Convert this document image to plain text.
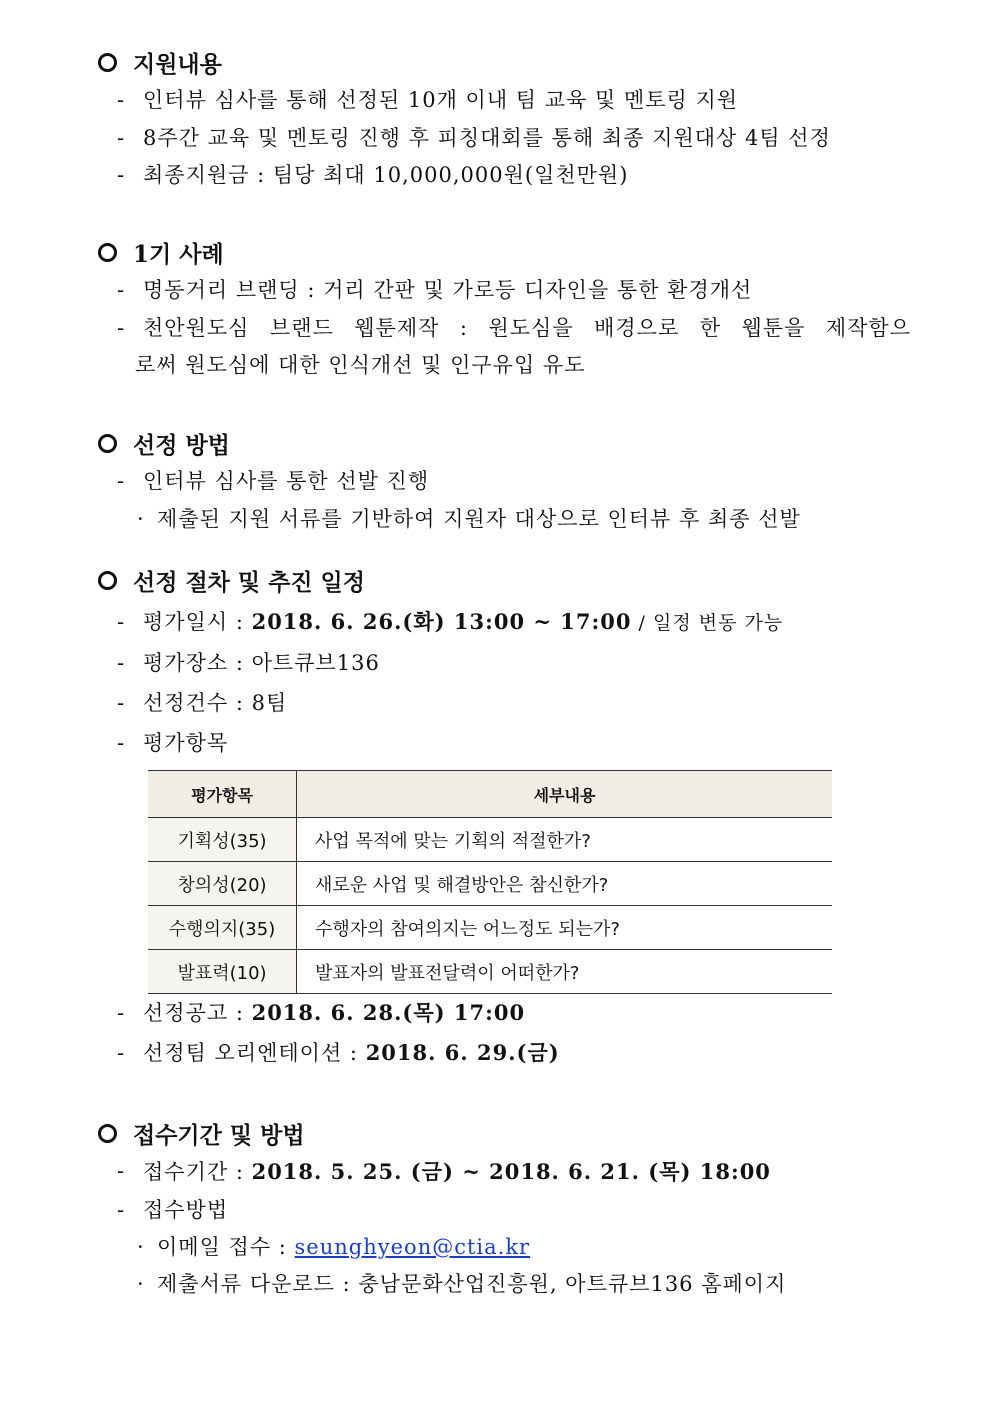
지원내용
- 인터뷰 심사를 통해 선정된 10개 이내 팀 교육 및 멘토링 지원
- 8주간 교육 및 멘토링 진행 후 피칭대회를 통해 최종 지원대상 4팀 선정
- 최종지원금 : 팀당 최대 10,000,000원(일천만원)
1기 사례
- 명동거리 브랜딩 : 거리 간판 및 가로등 디자인을 통한 환경개선
- 천안원도심 브랜드 웹툰제작 : 원도심을 배경으로 한 웹툰을 제작함으
로써 원도심에 대한 인식개선 및 인구유입 유도
선정 방법
- 인터뷰 심사를 통한 선발 진행
· 제출된 지원 서류를 기반하여 지원자 대상으로 인터뷰 후 최종 선발
선정 절차 및 추진 일정
- 평가일시 : 2018. 6. 26.(화) 13:00 ~ 17:00 / 일정 변동 가능
- 평가장소 : 아트큐브136
- 선정건수 : 8팀
- 평가항목
평가항목	세부내용
기획성(35)	사업 목적에 맞는 기획의 적절한가?
창의성(20)	새로운 사업 및 해결방안은 참신한가?
수행의지(35)	수행자의 참여의지는 어느정도 되는가?
발표력(10)	발표자의 발표전달력이 어떠한가?
- 선정공고 : 2018. 6. 28.(목) 17:00
- 선정팀 오리엔테이션 : 2018. 6. 29.(금)
접수기간 및 방법
- 접수기간 : 2018. 5. 25. (금) ~ 2018. 6. 21. (목) 18:00
- 접수방법
· 이메일 접수 : seunghyeon@ctia.kr
· 제출서류 다운로드 : 충남문화산업진흥원, 아트큐브136 홈페이지
